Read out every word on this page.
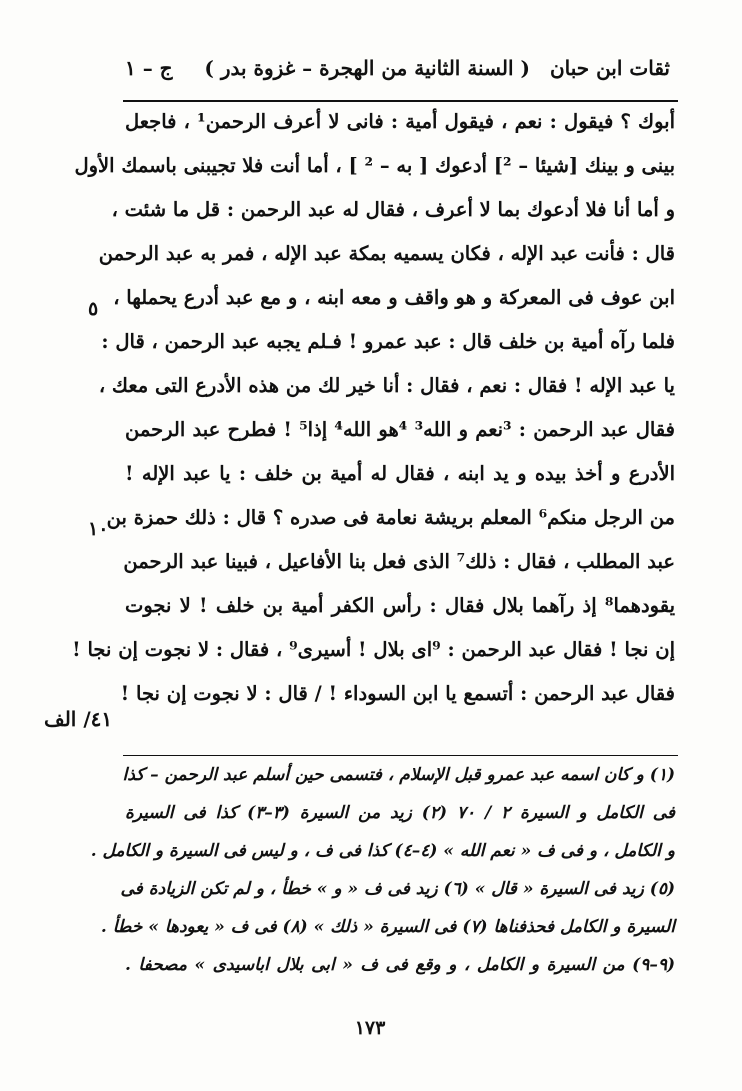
ثقات ابن حبان
( السنة الثانية من الهجرة – غزوة بدر )
ج – ١
أبوك ؟ فيقول : نعم ، فيقول أمية : فانى لا أعرف الرحمن¹ ، فاجعل
بينى و بينك [شيئا – ²] أدعوك [ به – ² ] ، أما أنت فلا تجيبنى باسمك الأول
و أما أنا فلا أدعوك بما لا أعرف ، فقال له عبد الرحمن : قل ما شئت ،
قال : فأنت عبد الإله ، فكان يسميه بمكة عبد الإله ، فمر به عبد الرحمن
ابن عوف فى المعركة و هو واقف و معه ابنه ، و مع عبد أدرع يحملها ،
فلما رآه أمية بن خلف قال : عبد عمرو ! فـلم يجبه عبد الرحمن ، قال :
يا عبد الإله ! فقال : نعم ، فقال : أنا خير لك من هذه الأدرع التى معك ،
فقال عبد الرحمن : ³نعم و الله³ ⁴هو الله⁴ إذا⁵ ! فطرح عبد الرحمن
الأدرع و أخذ بيده و يد ابنه ، فقال له أمية بن خلف : يا عبد الإله !
من الرجل منكم⁶ المعلم بريشة نعامة فى صدره ؟ قال : ذلك حمزة بن
عبد المطلب ، فقال : ذلك⁷ الذى فعل بنا الأفاعيل ، فبينا عبد الرحمن
يقودهما⁸ إذ رآهما بلال فقال : رأس الكفر أمية بن خلف ! لا نجوت
إن نجا ! فقال عبد الرحمن : ⁹اى بلال ! أسيرى⁹ ، فقال : لا نجوت إن نجا !
فقال عبد الرحمن : أتسمع يا ابن السوداء ! / قال : لا نجوت إن نجا !
٥
١٠
٤١/ الف
(١) و كان اسمه عبد عمرو قبل الإسلام ، فتسمى حين أسلم عبد الرحمن – كذا
فى الكامل و السيرة ٢ / ٧٠ (٢) زيد من السيرة (٣–٣) كذا فى السيرة
و الكامل ، و فى ف « نعم الله » (٤–٤) كذا فى ف ، و ليس فى السيرة و الكامل .
(٥) زيد فى السيرة « قال » (٦) زيد فى ف « و » خطأ ، و لم تكن الزيادة فى
السيرة و الكامل فحذفناها (٧) فى السيرة « ذلك » (٨) فى ف « يعودها » خطأ .
(٩–٩) من السيرة و الكامل ، و وقع فى ف « ابى بلال اباسيدى » مصحفا .
١٧٣
